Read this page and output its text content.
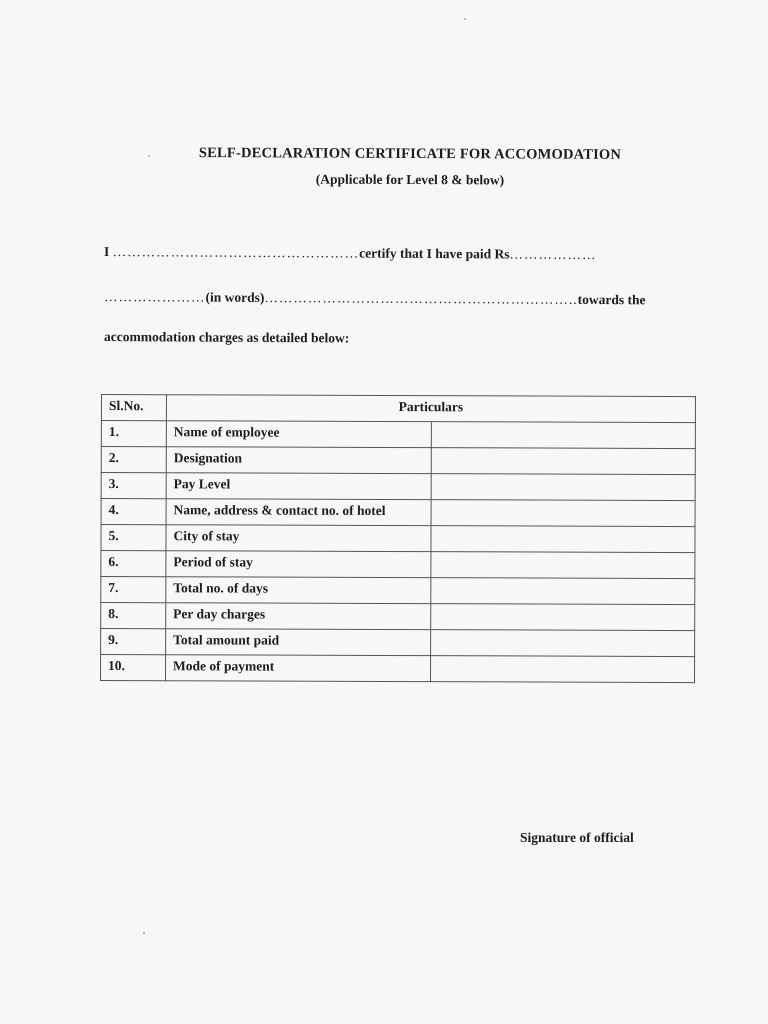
SELF-DECLARATION CERTIFICATE FOR ACCOMODATION
(Applicable for Level 8 & below)
I ……………………………………………certify that I have paid Rs………………
…………………(in words)………………………………………………………..towards the
accommodation charges as detailed below:
Sl.No.	Particulars	
1.	Name of employee	
2.	Designation	
3.	Pay Level	
4.	Name, address & contact no. of hotel	
5.	City of stay	
6.	Period of stay	
7.	Total no. of days	
8.	Per day charges	
9.	Total amount paid	
10.	Mode of payment	
Signature of official
